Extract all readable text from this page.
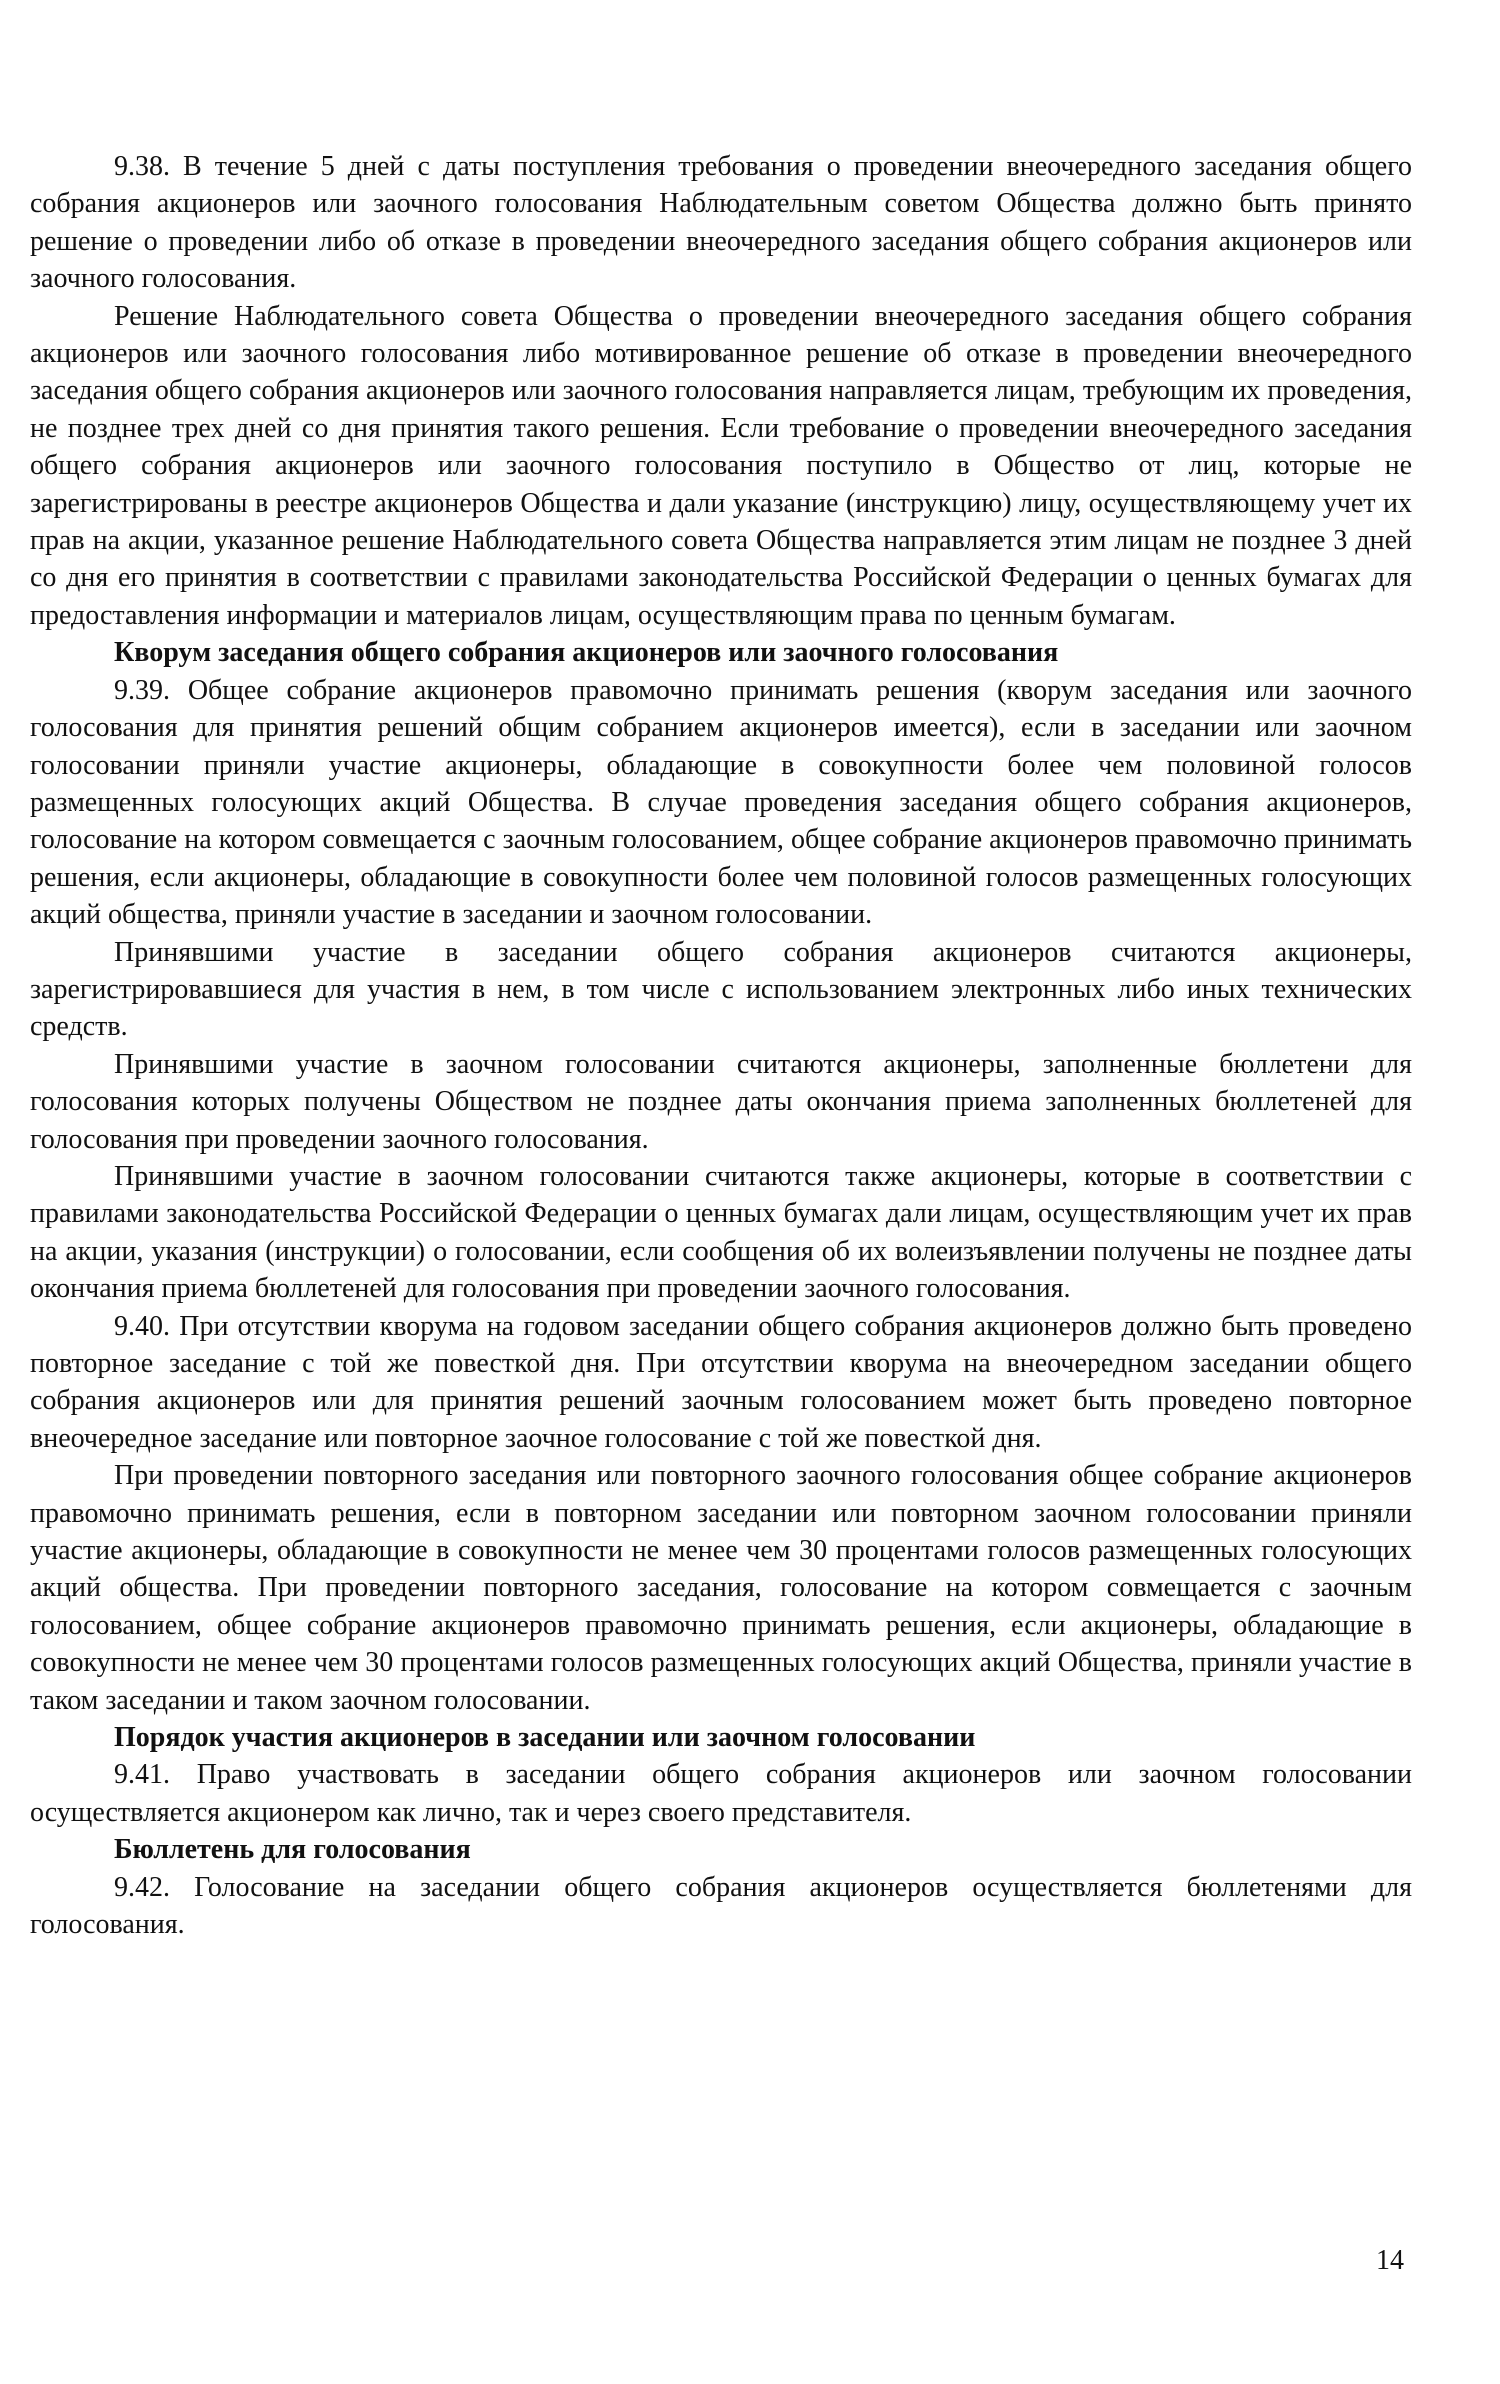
9.38. В течение 5 дней с даты поступления требования о проведении внеочередного заседания общего собрания акционеров или заочного голосования Наблюдательным советом Общества должно быть принято решение о проведении либо об отказе в проведении внеочередного заседания общего собрания акционеров или заочного голосования.

Решение Наблюдательного совета Общества о проведении внеочередного заседания общего собрания акционеров или заочного голосования либо мотивированное решение об отказе в проведении внеочередного заседания общего собрания акционеров или заочного голосования направляется лицам, требующим их проведения, не позднее трех дней со дня принятия такого решения. Если требование о проведении внеочередного заседания общего собрания акционеров или заочного голосования поступило в Общество от лиц, которые не зарегистрированы в реестре акционеров Общества и дали указание (инструкцию) лицу, осуществляющему учет их прав на акции, указанное решение Наблюдательного совета Общества направляется этим лицам не позднее 3 дней со дня его принятия в соответствии с правилами законодательства Российской Федерации о ценных бумагах для предоставления информации и материалов лицам, осуществляющим права по ценным бумагам.

Кворум заседания общего собрания акционеров или заочного голосования

9.39. Общее собрание акционеров правомочно принимать решения (кворум заседания или заочного голосования для принятия решений общим собранием акционеров имеется), если в заседании или заочном голосовании приняли участие акционеры, обладающие в совокупности более чем половиной голосов размещенных голосующих акций Общества. В случае проведения заседания общего собрания акционеров, голосование на котором совмещается с заочным голосованием, общее собрание акционеров правомочно принимать решения, если акционеры, обладающие в совокупности более чем половиной голосов размещенных голосующих акций общества, приняли участие в заседании и заочном голосовании.

Принявшими участие в заседании общего собрания акционеров считаются акционеры, зарегистрировавшиеся для участия в нем, в том числе с использованием электронных либо иных технических средств.

Принявшими участие в заочном голосовании считаются акционеры, заполненные бюллетени для голосования которых получены Обществом не позднее даты окончания приема заполненных бюллетеней для голосования при проведении заочного голосования.

Принявшими участие в заочном голосовании считаются также акционеры, которые в соответствии с правилами законодательства Российской Федерации о ценных бумагах дали лицам, осуществляющим учет их прав на акции, указания (инструкции) о голосовании, если сообщения об их волеизъявлении получены не позднее даты окончания приема бюллетеней для голосования при проведении заочного голосования.

9.40. При отсутствии кворума на годовом заседании общего собрания акционеров должно быть проведено повторное заседание с той же повесткой дня. При отсутствии кворума на внеочередном заседании общего собрания акционеров или для принятия решений заочным голосованием может быть проведено повторное внеочередное заседание или повторное заочное голосование с той же повесткой дня.

При проведении повторного заседания или повторного заочного голосования общее собрание акционеров правомочно принимать решения, если в повторном заседании или повторном заочном голосовании приняли участие акционеры, обладающие в совокупности не менее чем 30 процентами голосов размещенных голосующих акций общества. При проведении повторного заседания, голосование на котором совмещается с заочным голосованием, общее собрание акционеров правомочно принимать решения, если акционеры, обладающие в совокупности не менее чем 30 процентами голосов размещенных голосующих акций Общества, приняли участие в таком заседании и таком заочном голосовании.

Порядок участия акционеров в заседании или заочном голосовании

9.41. Право участвовать в заседании общего собрания акционеров или заочном голосовании осуществляется акционером как лично, так и через своего представителя.

Бюллетень для голосования

9.42. Голосование на заседании общего собрания акционеров осуществляется бюллетенями для голосования.

14
